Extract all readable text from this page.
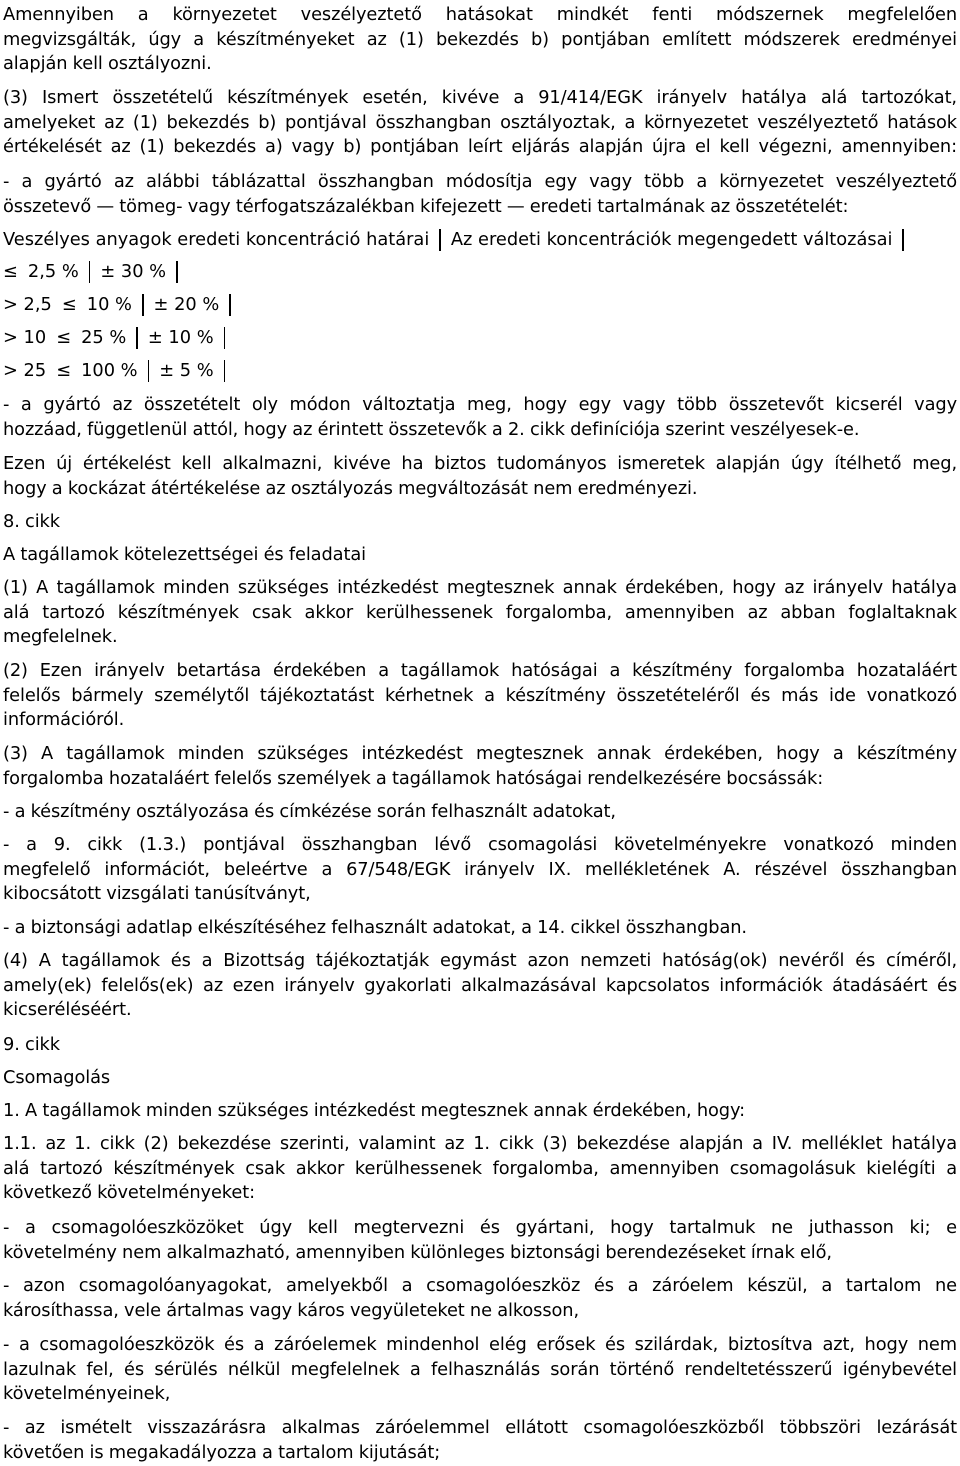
Amennyiben a környezetet veszélyeztető hatásokat mindkét fenti módszernek megfelelően
megvizsgálták, úgy a készítményeket az (1) bekezdés b) pontjában említett módszerek eredményei
alapján kell osztályozni.

(3) Ismert összetételű készítmények esetén, kivéve a 91/414/EGK irányelv hatálya alá tartozókat,
amelyeket az (1) bekezdés b) pontjával összhangban osztályoztak, a környezetet veszélyeztető hatások
értékelését az (1) bekezdés a) vagy b) pontjában leírt eljárás alapján újra el kell végezni, amennyiben:

- a gyártó az alábbi táblázattal összhangban módosítja egy vagy több a környezetet veszélyeztető
összetevő — tömeg- vagy térfogatszázalékban kifejezett — eredeti tartalmának az összetételét:

Veszélyes anyagok eredeti koncentráció határai Az eredeti koncentrációk megengedett változásai
≤ 2,5 % ± 30 %
> 2,5 ≤ 10 % ± 20 %
> 10 ≤ 25 % ± 10 %
> 25 ≤ 100 % ± 5 %

- a gyártó az összetételt oly módon változtatja meg, hogy egy vagy több összetevőt kicserél vagy
hozzáad, függetlenül attól, hogy az érintett összetevők a 2. cikk definíciója szerint veszélyesek-e.

Ezen új értékelést kell alkalmazni, kivéve ha biztos tudományos ismeretek alapján úgy ítélhető meg,
hogy a kockázat átértékelése az osztályozás megváltozását nem eredményezi.

8. cikk

A tagállamok kötelezettségei és feladatai

(1) A tagállamok minden szükséges intézkedést megtesznek annak érdekében, hogy az irányelv hatálya
alá tartozó készítmények csak akkor kerülhessenek forgalomba, amennyiben az abban foglaltaknak
megfelelnek.

(2) Ezen irányelv betartása érdekében a tagállamok hatóságai a készítmény forgalomba hozataláért
felelős bármely személytől tájékoztatást kérhetnek a készítmény összetételéről és más ide vonatkozó
információról.

(3) A tagállamok minden szükséges intézkedést megtesznek annak érdekében, hogy a készítmény
forgalomba hozataláért felelős személyek a tagállamok hatóságai rendelkezésére bocsássák:

- a készítmény osztályozása és címkézése során felhasznált adatokat,

- a 9. cikk (1.3.) pontjával összhangban lévő csomagolási követelményekre vonatkozó minden
megfelelő információt, beleértve a 67/548/EGK irányelv IX. mellékletének A. részével összhangban
kibocsátott vizsgálati tanúsítványt,

- a biztonsági adatlap elkészítéséhez felhasznált adatokat, a 14. cikkel összhangban.

(4) A tagállamok és a Bizottság tájékoztatják egymást azon nemzeti hatóság(ok) nevéről és címéről,
amely(ek) felelős(ek) az ezen irányelv gyakorlati alkalmazásával kapcsolatos információk átadásáért és
kicseréléséért.

9. cikk

Csomagolás

1. A tagállamok minden szükséges intézkedést megtesznek annak érdekében, hogy:

1.1. az 1. cikk (2) bekezdése szerinti, valamint az 1. cikk (3) bekezdése alapján a IV. melléklet hatálya
alá tartozó készítmények csak akkor kerülhessenek forgalomba, amennyiben csomagolásuk kielégíti a
következő követelményeket:

- a csomagolóeszközöket úgy kell megtervezni és gyártani, hogy tartalmuk ne juthasson ki; e
követelmény nem alkalmazható, amennyiben különleges biztonsági berendezéseket írnak elő,

- azon csomagolóanyagokat, amelyekből a csomagolóeszköz és a záróelem készül, a tartalom ne
károsíthassa, vele ártalmas vagy káros vegyületeket ne alkosson,

- a csomagolóeszközök és a záróelemek mindenhol elég erősek és szilárdak, biztosítva azt, hogy nem
lazulnak fel, és sérülés nélkül megfelelnek a felhasználás során történő rendeltetésszerű igénybevétel
követelményeinek,

- az ismételt visszazárásra alkalmas záróelemmel ellátott csomagolóeszközből többszöri lezárását
követően is megakadályozza a tartalom kijutását;
